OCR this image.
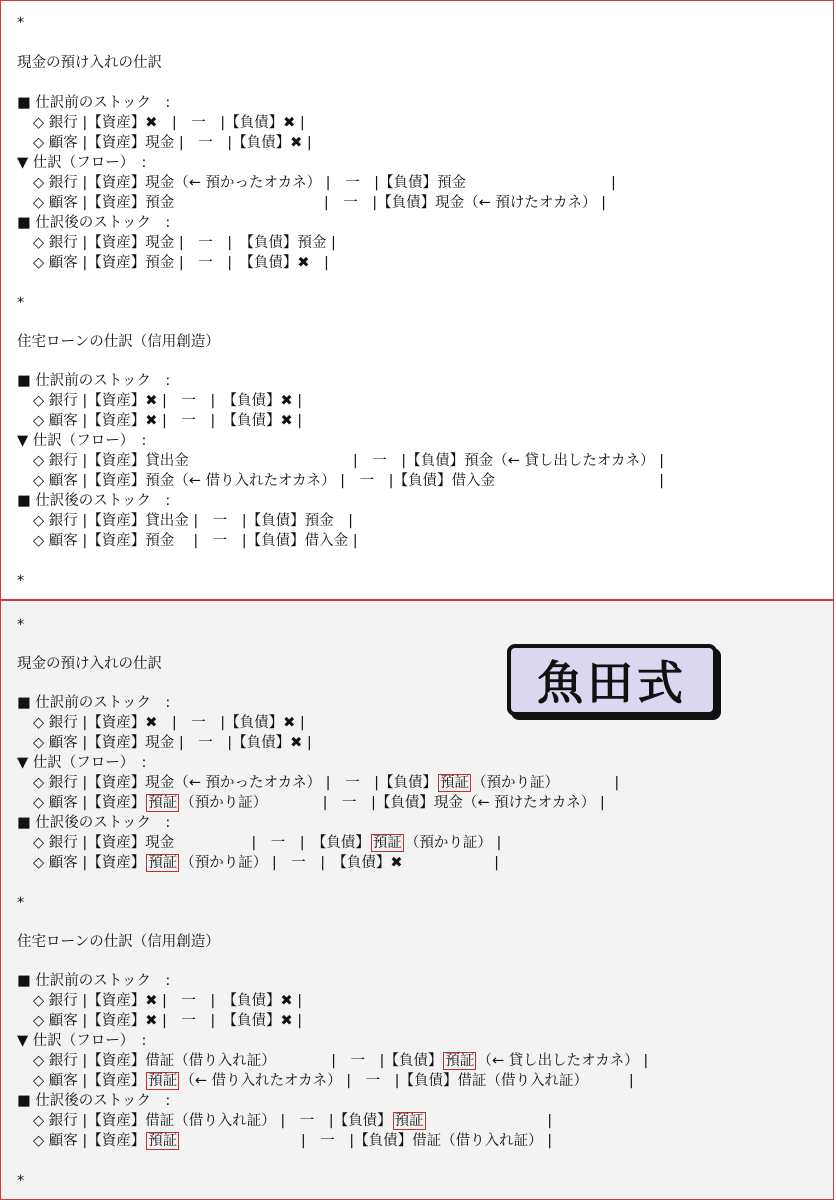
*
現金の預け入れの仕訳
■ 仕訳前のストック　:
◇ 銀行 |【資産】✖　|　一　|【負債】✖ |
◇ 顧客 |【資産】現金 |　一　|【負債】✖ |
▼ 仕訳（フロー）　:
◇ 銀行 |【資産】現金（← 預かったオカネ） |　一　|【負債】預金　　　　　　　　　　|
◇ 顧客 |【資産】預金　　　　　　　　　　 |　一　|【負債】現金（← 預けたオカネ） |
■ 仕訳後のストック　:
◇ 銀行 |【資産】現金 |　一　|　【負債】預金 |
◇ 顧客 |【資産】預金 |　一　|　【負債】✖　|
*
住宅ローンの仕訳（信用創造）
■ 仕訳前のストック　:
◇ 銀行 |【資産】✖ |　一　|　【負債】✖ |
◇ 顧客 |【資産】✖ |　一　|　【負債】✖ |
▼ 仕訳（フロー）　:
◇ 銀行 |【資産】貸出金　　　　　　　　　　　 |　一　|【負債】預金（← 貸し出したオカネ） |
◇ 顧客 |【資産】預金（← 借り入れたオカネ） |　一　|【負債】借入金　　　　　　　　　　　 |
■ 仕訳後のストック　:
◇ 銀行 |【資産】貸出金 |　一　|【負債】預金　|
◇ 顧客 |【資産】預金　 |　一　|【負債】借入金 |
*
魚田式
*
現金の預け入れの仕訳
■ 仕訳前のストック　:
◇ 銀行 |【資産】✖　|　一　|【負債】✖ |
◇ 顧客 |【資産】現金 |　一　|【負債】✖ |
▼ 仕訳（フロー）　:
◇ 銀行 |【資産】現金（← 預かったオカネ） |　一　|【負債】 預証 （預かり証）　　　　 |
◇ 顧客 |【資産】 預証 （預かり証）　　　　 |　一　|【負債】現金（← 預けたオカネ） |
■ 仕訳後のストック　:
◇ 銀行 |【資産】現金　　　　　 |　一　|　【負債】 預証 （預かり証） |
◇ 顧客 |【資産】 預証 （預かり証） |　一　|　【負債】✖　　　　　　 |
*
住宅ローンの仕訳（信用創造）
■ 仕訳前のストック　:
◇ 銀行 |【資産】✖ |　一　|　【負債】✖ |
◇ 顧客 |【資産】✖ |　一　|　【負債】✖ |
▼ 仕訳（フロー）　:
◇ 銀行 |【資産】借証（借り入れ証）　　　　 |　一　|【負債】 預証 （← 貸し出したオカネ） |
◇ 顧客 |【資産】 預証 （← 借り入れたオカネ） |　一　|【負債】借証（借り入れ証）　　　 |
■ 仕訳後のストック　:
◇ 銀行 |【資産】借証（借り入れ証） |　一　|【負債】 預証　　　　　　　　 |
◇ 顧客 |【資産】 預証　　　　　　　　 |　一　|【負債】借証（借り入れ証） |
*
